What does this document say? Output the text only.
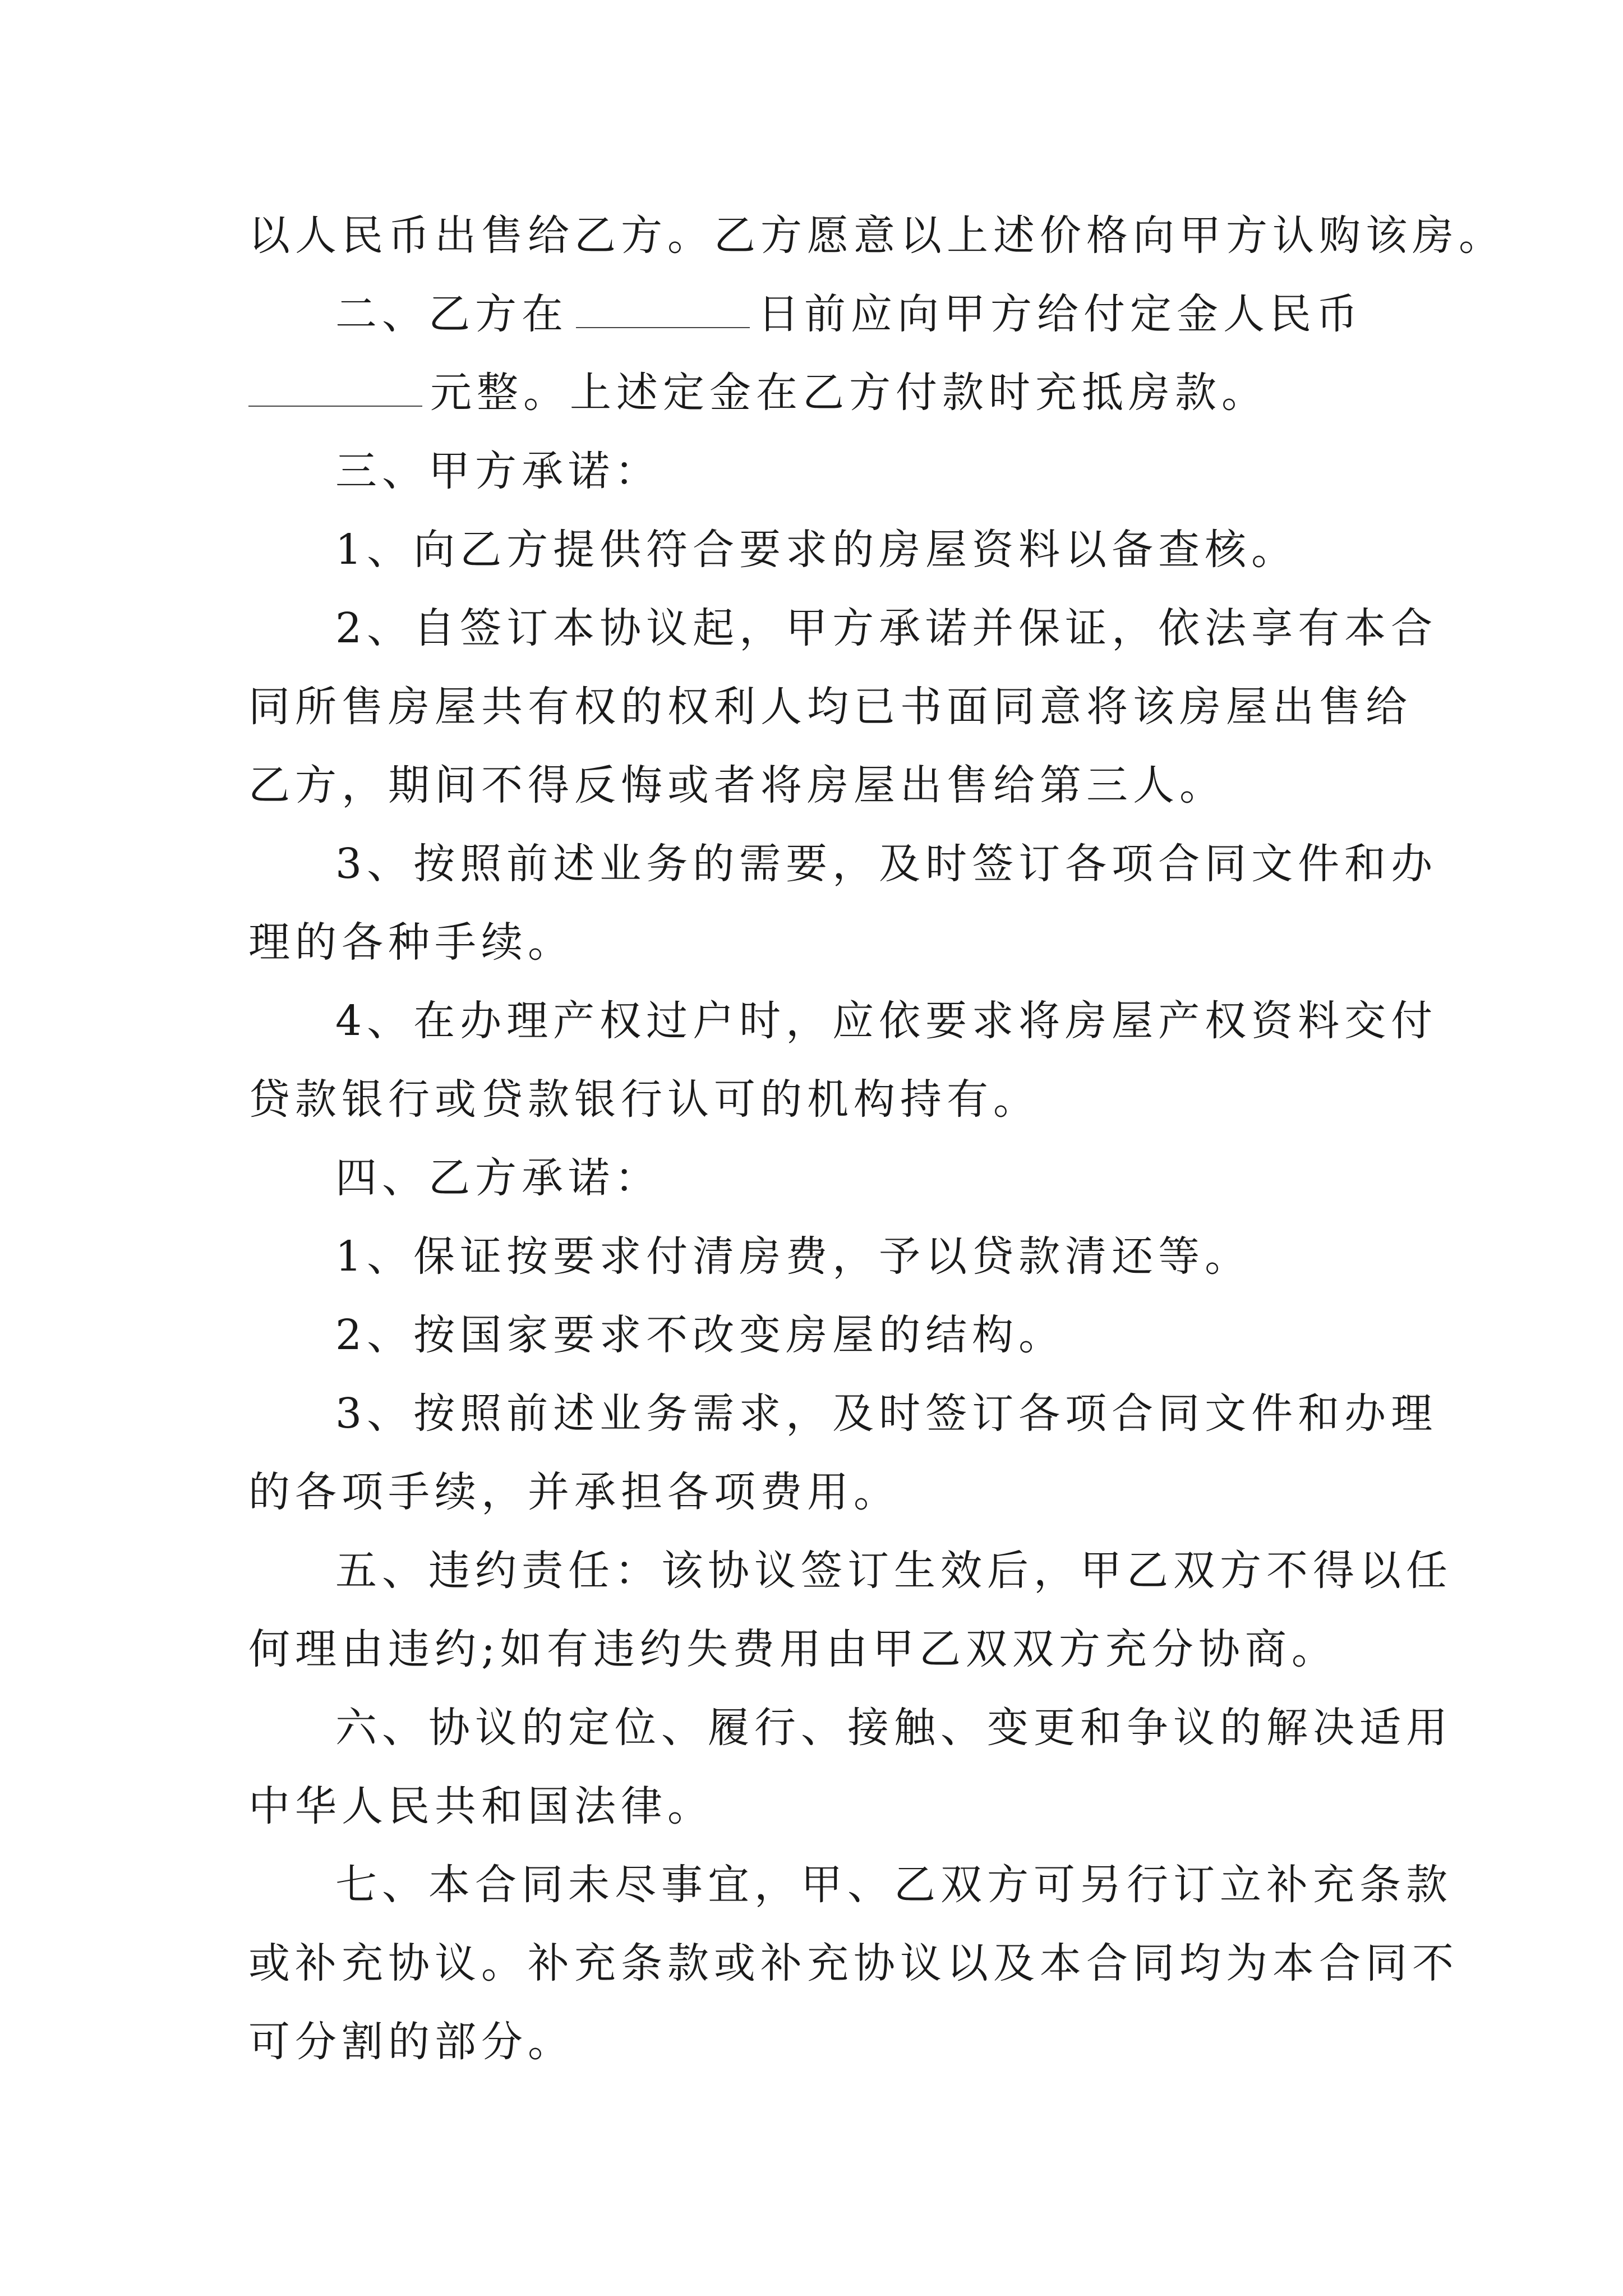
以人民币出售给乙方。乙方愿意以上述价格向甲方认购该房。
二、乙方在	日前应向甲方给付定金人民币
元整。上述定金在乙方付款时充抵房款。
三、甲方承诺：
1、向乙方提供符合要求的房屋资料以备查核。
2、自签订本协议起，甲方承诺并保证，依法享有本合
同所售房屋共有权的权利人均已书面同意将该房屋出售给
乙方，期间不得反悔或者将房屋出售给第三人。
3、按照前述业务的需要，及时签订各项合同文件和办
理的各种手续。
4、在办理产权过户时，应依要求将房屋产权资料交付
贷款银行或贷款银行认可的机构持有。
四、乙方承诺：
1、保证按要求付清房费，予以贷款清还等。
2、按国家要求不改变房屋的结构。
3、按照前述业务需求，及时签订各项合同文件和办理
的各项手续，并承担各项费用。
五、违约责任：该协议签订生效后，甲乙双方不得以任
何理由违约;如有违约失费用由甲乙双双方充分协商。
六、协议的定位、履行、接触、变更和争议的解决适用
中华人民共和国法律。
七、本合同未尽事宜，甲、乙双方可另行订立补充条款
或补充协议。补充条款或补充协议以及本合同均为本合同不
可分割的部分。
